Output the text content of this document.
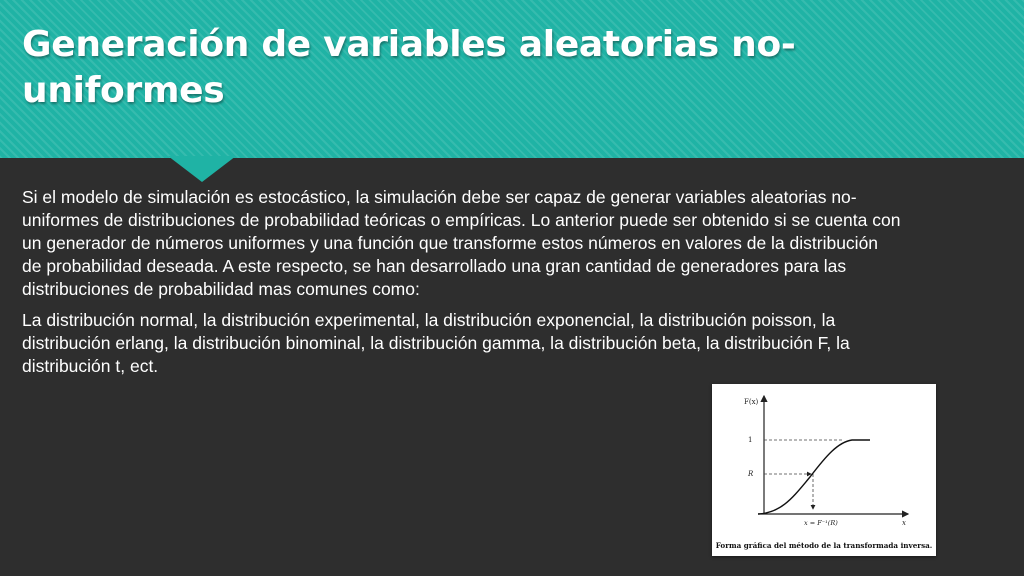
Generación de variables aleatorias no-uniformes

Si el modelo de simulación es estocástico, la simulación debe ser capaz de generar variables aleatorias no-uniformes de distribuciones de probabilidad teóricas o empíricas. Lo anterior puede ser obtenido si se cuenta con un generador de números uniformes y una función que transforme estos números en valores de la distribución de probabilidad deseada. A este respecto, se han desarrollado una gran cantidad de generadores para las distribuciones de probabilidad mas comunes como:

La distribución normal, la distribución experimental, la distribución exponencial, la distribución poisson, la distribución erlang, la distribución binominal, la distribución gamma, la distribución beta, la distribución F, la distribución t, ect.

F(x)
x
1
R
x = F⁻¹(R)
Forma gráfica del método de la transformada inversa.
